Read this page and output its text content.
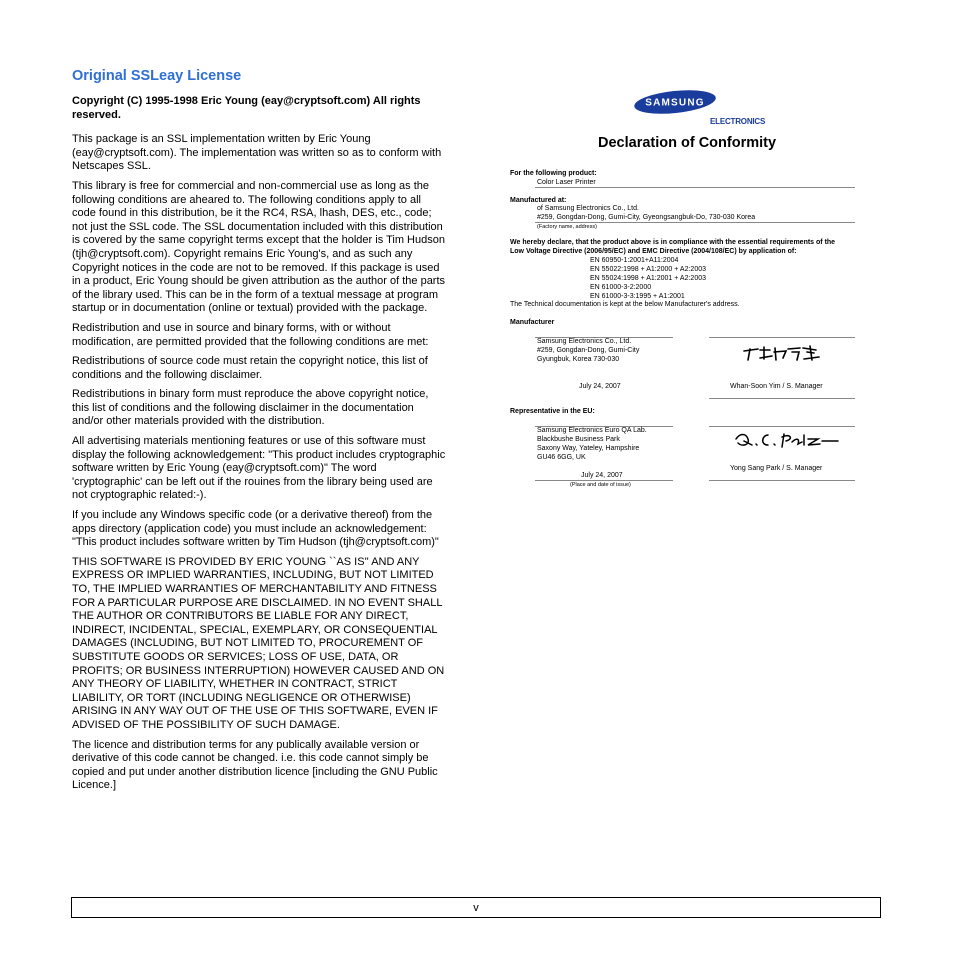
Original SSLeay License
Copyright (C) 1995-1998 Eric Young (eay@cryptsoft.com) All rights reserved.

This package is an SSL implementation written by Eric Young (eay@cryptsoft.com). The implementation was written so as to conform with Netscapes SSL.

This library is free for commercial and non-commercial use as long as the following conditions are aheared to. The following conditions apply to all code found in this distribution, be it the RC4, RSA, lhash, DES, etc., code; not just the SSL code. The SSL documentation included with this distribution is covered by the same copyright terms except that the holder is Tim Hudson (tjh@cryptsoft.com). Copyright remains Eric Young's, and as such any Copyright notices in the code are not to be removed. If this package is used in a product, Eric Young should be given attribution as the author of the parts of the library used. This can be in the form of a textual message at program startup or in documentation (online or textual) provided with the package.

Redistribution and use in source and binary forms, with or without modification, are permitted provided that the following conditions are met:

Redistributions of source code must retain the copyright notice, this list of conditions and the following disclaimer.

Redistributions in binary form must reproduce the above copyright notice, this list of conditions and the following disclaimer in the documentation and/or other materials provided with the distribution.

All advertising materials mentioning features or use of this software must display the following acknowledgement: "This product includes cryptographic software written by Eric Young (eay@cryptsoft.com)" The word 'cryptographic' can be left out if the rouines from the library being used are not cryptographic related:-).

If you include any Windows specific code (or a derivative thereof) from the apps directory (application code) you must include an acknowledgement: "This product includes software written by Tim Hudson (tjh@cryptsoft.com)"

THIS SOFTWARE IS PROVIDED BY ERIC YOUNG ``AS IS'' AND ANY EXPRESS OR IMPLIED WARRANTIES, INCLUDING, BUT NOT LIMITED TO, THE IMPLIED WARRANTIES OF MERCHANTABILITY AND FITNESS FOR A PARTICULAR PURPOSE ARE DISCLAIMED. IN NO EVENT SHALL THE AUTHOR OR CONTRIBUTORS BE LIABLE FOR ANY DIRECT, INDIRECT, INCIDENTAL, SPECIAL, EXEMPLARY, OR CONSEQUENTIAL DAMAGES (INCLUDING, BUT NOT LIMITED TO, PROCUREMENT OF SUBSTITUTE GOODS OR SERVICES; LOSS OF USE, DATA, OR PROFITS; OR BUSINESS INTERRUPTION) HOWEVER CAUSED AND ON ANY THEORY OF LIABILITY, WHETHER IN CONTRACT, STRICT LIABILITY, OR TORT (INCLUDING NEGLIGENCE OR OTHERWISE) ARISING IN ANY WAY OUT OF THE USE OF THIS SOFTWARE, EVEN IF ADVISED OF THE POSSIBILITY OF SUCH DAMAGE.

The licence and distribution terms for any publically available version or derivative of this code cannot be changed. i.e. this code cannot simply be copied and put under another distribution licence [including the GNU Public Licence.]

SAMSUNG
ELECTRONICS
Declaration of Conformity
For the following product:
Color Laser Printer
Manufactured at:
of Samsung Electronics Co., Ltd.
#259, Gongdan-Dong, Gumi-City, Gyeongsangbuk-Do, 730-030 Korea
(Factory name, address)
We hereby declare, that the product above is in compliance with the essential requirements of the
Low Voltage Directive (2006/95/EC) and EMC Directive (2004/108/EC) by application of:
EN 60950-1:2001+A11:2004
EN 55022:1998 + A1:2000 + A2:2003
EN 55024:1998 + A1:2001 + A2:2003
EN 61000-3-2:2000
EN 61000-3-3:1995 + A1:2001
The Technical documentation is kept at the below Manufacturer's address.
Manufacturer
Samsung Electronics Co., Ltd.
#259, Gongdan-Dong, Gumi-City
Gyungbuk, Korea 730-030
July 24, 2007	Whan-Soon Yim / S. Manager
Representative in the EU:
Samsung Electronics Euro QA Lab.
Blackbushe Business Park
Saxony Way, Yateley, Hampshire
GU46 6GG, UK
July 24, 2007
Yong Sang Park / S. Manager
(Place and date of issue)
v
